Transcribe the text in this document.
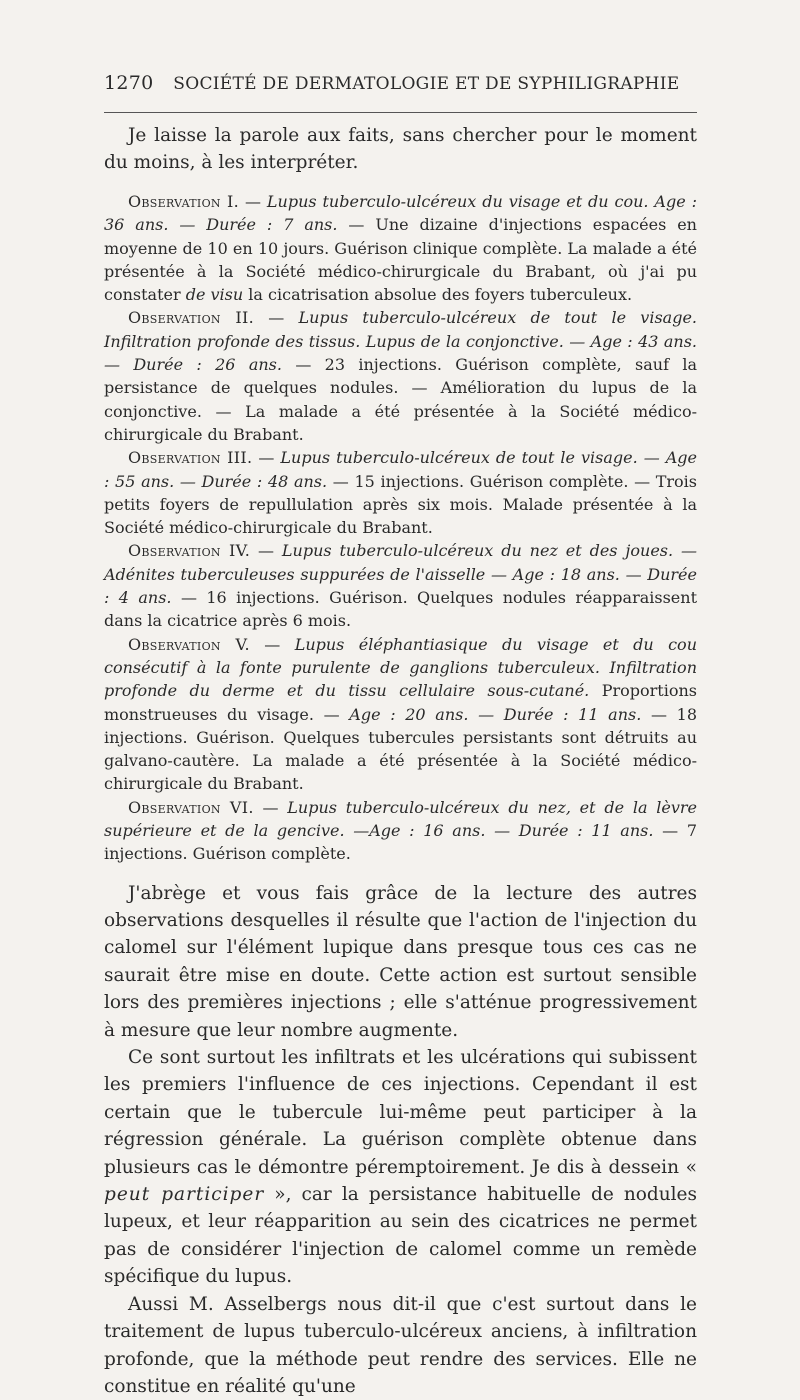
1270 SOCIÉTÉ DE DERMATOLOGIE ET DE SYPHILIGRAPHIE

Je laisse la parole aux faits, sans chercher pour le moment du moins, à les interpréter.

Observation I. — Lupus tuberculo-ulcéreux du visage et du cou. Age : 36 ans. — Durée : 7 ans. — Une dizaine d'injections espacées en moyenne de 10 en 10 jours. Guérison clinique complète. La malade a été présentée à la Société médico-chirurgicale du Brabant, où j'ai pu constater de visu la cicatrisation absolue des foyers tuberculeux.

Observation II. — Lupus tuberculo-ulcéreux de tout le visage. Infiltration profonde des tissus. Lupus de la conjonctive. — Age : 43 ans. — Durée : 26 ans. — 23 injections. Guérison complète, sauf la persistance de quelques nodules. — Amélioration du lupus de la conjonctive. — La malade a été présentée à la Société médico-chirurgicale du Brabant.

Observation III. — Lupus tuberculo-ulcéreux de tout le visage. — Age : 55 ans. — Durée : 48 ans. — 15 injections. Guérison complète. — Trois petits foyers de repullulation après six mois. Malade présentée à la Société médico-chirurgicale du Brabant.

Observation IV. — Lupus tuberculo-ulcéreux du nez et des joues. — Adénites tuberculeuses suppurées de l'aisselle — Age : 18 ans. — Durée : 4 ans. — 16 injections. Guérison. Quelques nodules réapparaissent dans la cicatrice après 6 mois.

Observation V. — Lupus éléphantiasique du visage et du cou consécutif à la fonte purulente de ganglions tuberculeux. Infiltration profonde du derme et du tissu cellulaire sous-cutané. Proportions monstrueuses du visage. — Age : 20 ans. — Durée : 11 ans. — 18 injections. Guérison. Quelques tubercules persistants sont détruits au galvano-cautère. La malade a été présentée à la Société médico-chirurgicale du Brabant.

Observation VI. — Lupus tuberculo-ulcéreux du nez, et de la lèvre supérieure et de la gencive. —Age : 16 ans. — Durée : 11 ans. — 7 injections. Guérison complète.

J'abrège et vous fais grâce de la lecture des autres observations desquelles il résulte que l'action de l'injection du calomel sur l'élément lupique dans presque tous ces cas ne saurait être mise en doute. Cette action est surtout sensible lors des premières injections ; elle s'atténue progressivement à mesure que leur nombre augmente.

Ce sont surtout les infiltrats et les ulcérations qui subissent les premiers l'influence de ces injections. Cependant il est certain que le tubercule lui-même peut participer à la régression générale. La guérison complète obtenue dans plusieurs cas le démontre péremptoirement. Je dis à dessein « peut participer », car la persistance habituelle de nodules lupeux, et leur réapparition au sein des cicatrices ne permet pas de considérer l'injection de calomel comme un remède spécifique du lupus.

Aussi M. Asselbergs nous dit-il que c'est surtout dans le traitement de lupus tuberculo-ulcéreux anciens, à infiltration profonde, que la méthode peut rendre des services. Elle ne constitue en réalité qu'une
